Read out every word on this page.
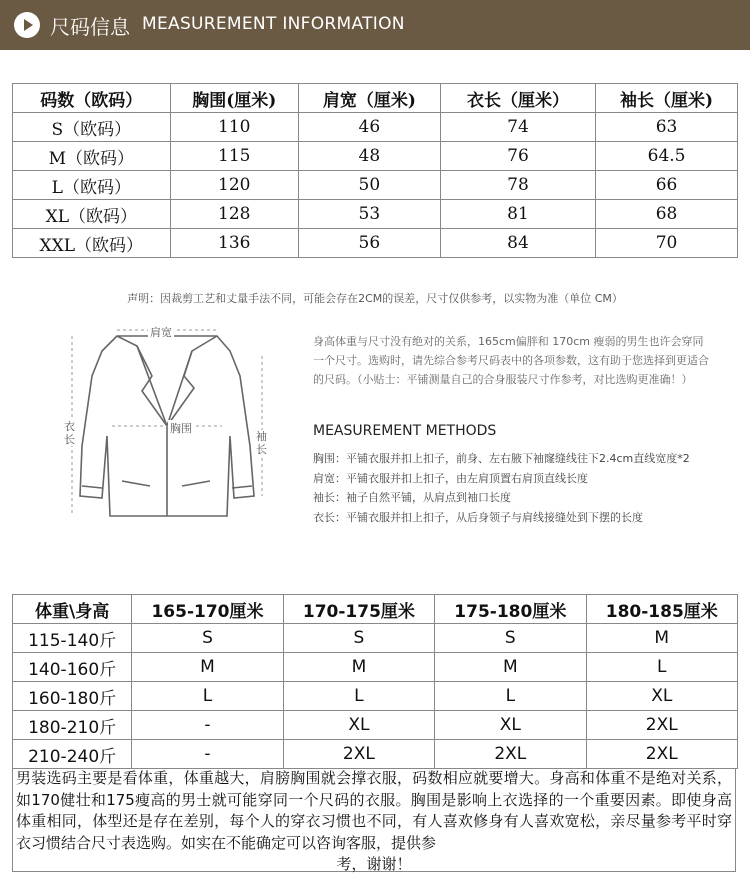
尺码信息 MEASUREMENT INFORMATION
码数（欧码）	胸围(厘米)	肩宽（厘米)	衣长（厘米）	袖长（厘米)
S（欧码）	110	46	74	63
M（欧码）	115	48	76	64.5
L（欧码）	120	50	78	66
XL（欧码）	128	53	81	68
XXL（欧码）	136	56	84	70
声明：因裁剪工艺和丈量手法不同，可能会存在2CM的误差，尺寸仅供参考，以实物为准（单位 CM）
肩宽
胸围
衣长	袖长
身高体重与尺寸没有绝对的关系，165cm偏胖和 170cm 瘦弱的男生也许会穿同一个尺寸。选购时，请先综合参考尺码表中的各项参数，这有助于您选择到更适合的尺码。（小贴士：平铺测量自己的合身服装尺寸作参考，对比选购更准确！）
MEASUREMENT METHODS
胸围：平铺衣服并扣上扣子，前身、左右腋下袖窿缝线往下2.4cm直线宽度*2
肩宽：平铺衣服并扣上扣子，由左肩顶置右肩顶直线长度
袖长：袖子自然平铺，从肩点到袖口长度
衣长：平铺衣服并扣上扣子，从后身领子与肩线接缝处到下摆的长度
体重\身高	165-170厘米	170-175厘米	175-180厘米	180-185厘米
115-140斤	S	S	S	M
140-160斤	M	M	M	L
160-180斤	L	L	L	XL
180-210斤	-	XL	XL	2XL
210-240斤	-	2XL	2XL	2XL
男装选码主要是看体重，体重越大，肩膀胸围就会撑衣服，码数相应就要增大。身高和体重不是绝对关系，如170健壮和175瘦高的男士就可能穿同一个尺码的衣服。胸围是影响上衣选择的一个重要因素。即使身高体重相同，体型还是存在差别，每个人的穿衣习惯也不同，有人喜欢修身有人喜欢宽松，亲尽量参考平时穿衣习惯结合尺寸表选购。如实在不能确定可以咨询客服，提供参
考，谢谢！
